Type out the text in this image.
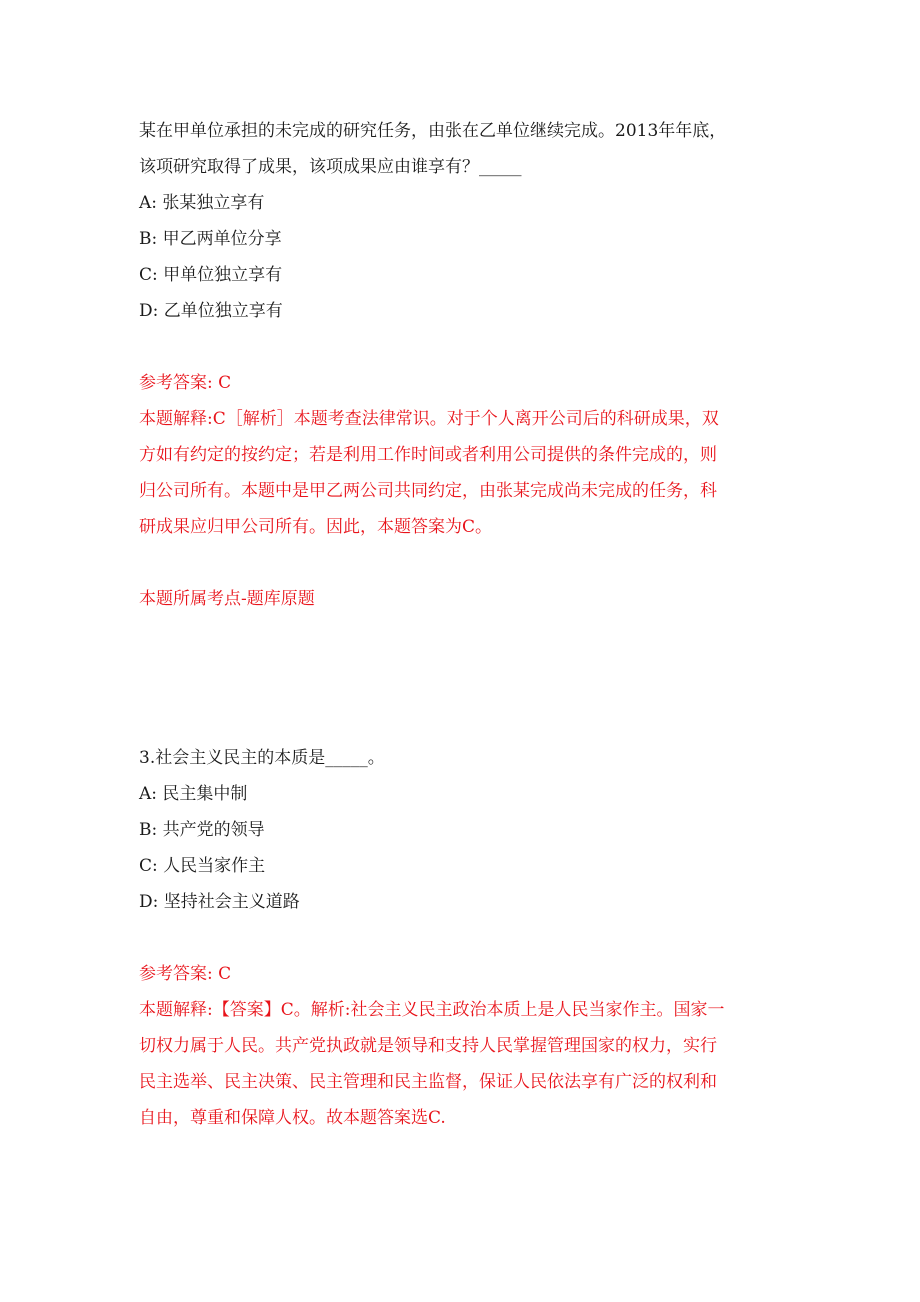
某在甲单位承担的未完成的研究任务，由张在乙单位继续完成。2013年年底，
该项研究取得了成果，该项成果应由谁享有？_____
A: 张某独立享有
B: 甲乙两单位分享
C: 甲单位独立享有
D: 乙单位独立享有
参考答案: C
本题解释:C［解析］本题考查法律常识。对于个人离开公司后的科研成果，双
方如有约定的按约定；若是利用工作时间或者利用公司提供的条件完成的，则
归公司所有。本题中是甲乙两公司共同约定，由张某完成尚未完成的任务，科
研成果应归甲公司所有。因此，本题答案为C。
本题所属考点-题库原题
3.社会主义民主的本质是_____。
A: 民主集中制
B: 共产党的领导
C: 人民当家作主
D: 坚持社会主义道路
参考答案: C
本题解释:【答案】C。解析:社会主义民主政治本质上是人民当家作主。国家一
切权力属于人民。共产党执政就是领导和支持人民掌握管理国家的权力，实行
民主选举、民主决策、民主管理和民主监督，保证人民依法享有广泛的权利和
自由，尊重和保障人权。故本题答案选C.
